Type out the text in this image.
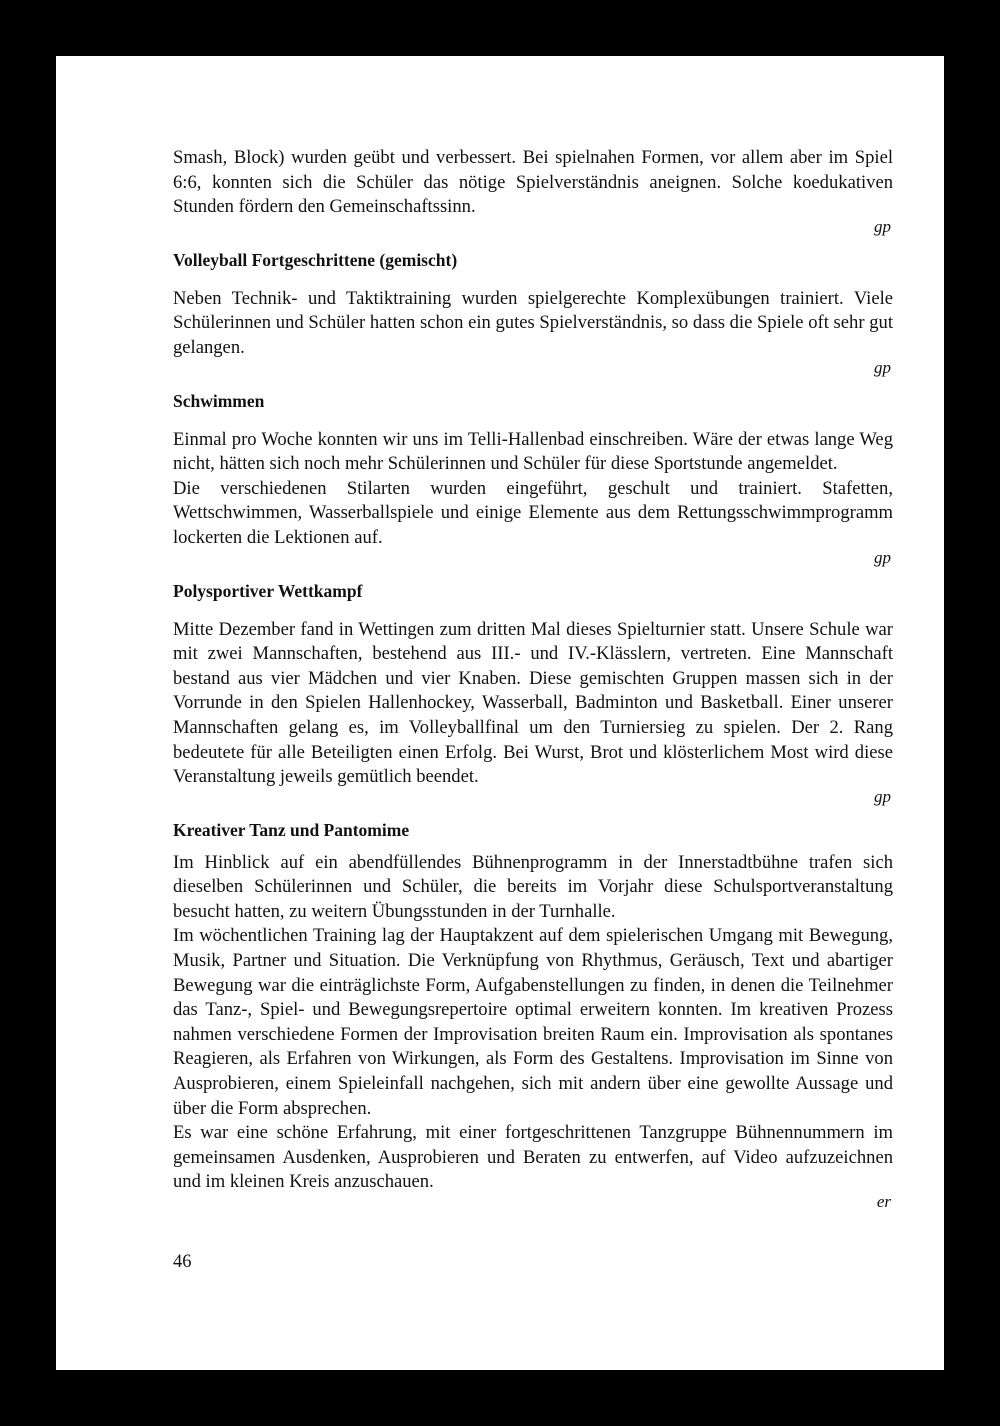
Smash, Block) wurden geübt und verbessert. Bei spielnahen Formen, vor allem aber im Spiel 6:6, konnten sich die Schüler das nötige Spielverständnis aneignen. Solche koedukativen Stunden fördern den Gemeinschaftssinn.

gp
Volleyball Fortgeschrittene (gemischt)

Neben Technik- und Taktiktraining wurden spielgerechte Komplexübungen trainiert. Viele Schülerinnen und Schüler hatten schon ein gutes Spielverständnis, so dass die Spiele oft sehr gut gelangen.

gp
Schwimmen

Einmal pro Woche konnten wir uns im Telli-Hallenbad einschreiben. Wäre der etwas lange Weg nicht, hätten sich noch mehr Schülerinnen und Schüler für diese Sportstunde angemeldet.

Die verschiedenen Stilarten wurden eingeführt, geschult und trainiert. Stafetten, Wettschwimmen, Wasserballspiele und einige Elemente aus dem Rettungsschwimmprogramm lockerten die Lektionen auf.

gp
Polysportiver Wettkampf

Mitte Dezember fand in Wettingen zum dritten Mal dieses Spielturnier statt. Unsere Schule war mit zwei Mannschaften, bestehend aus III.- und IV.-Klässlern, vertreten. Eine Mannschaft bestand aus vier Mädchen und vier Knaben. Diese gemischten Gruppen massen sich in der Vorrunde in den Spielen Hallenhockey, Wasserball, Badminton und Basketball. Einer unserer Mannschaften gelang es, im Volleyballfinal um den Turniersieg zu spielen. Der 2. Rang bedeutete für alle Beteiligten einen Erfolg. Bei Wurst, Brot und klösterlichem Most wird diese Veranstaltung jeweils gemütlich beendet.

gp
Kreativer Tanz und Pantomime

Im Hinblick auf ein abendfüllendes Bühnenprogramm in der Innerstadtbühne trafen sich dieselben Schülerinnen und Schüler, die bereits im Vorjahr diese Schulsportveranstaltung besucht hatten, zu weitern Übungsstunden in der Turnhalle.

Im wöchentlichen Training lag der Hauptakzent auf dem spielerischen Umgang mit Bewegung, Musik, Partner und Situation. Die Verknüpfung von Rhythmus, Geräusch, Text und abartiger Bewegung war die einträglichste Form, Aufgabenstellungen zu finden, in denen die Teilnehmer das Tanz-, Spiel- und Bewegungsrepertoire optimal erweitern konnten. Im kreativen Prozess nahmen verschiedene Formen der Improvisation breiten Raum ein. Improvisation als spontanes Reagieren, als Erfahren von Wirkungen, als Form des Gestaltens. Improvisation im Sinne von Ausprobieren, einem Spieleinfall nachgehen, sich mit andern über eine gewollte Aussage und über die Form absprechen.

Es war eine schöne Erfahrung, mit einer fortgeschrittenen Tanzgruppe Bühnennummern im gemeinsamen Ausdenken, Ausprobieren und Beraten zu entwerfen, auf Video aufzuzeichnen und im kleinen Kreis anzuschauen.

er
46
